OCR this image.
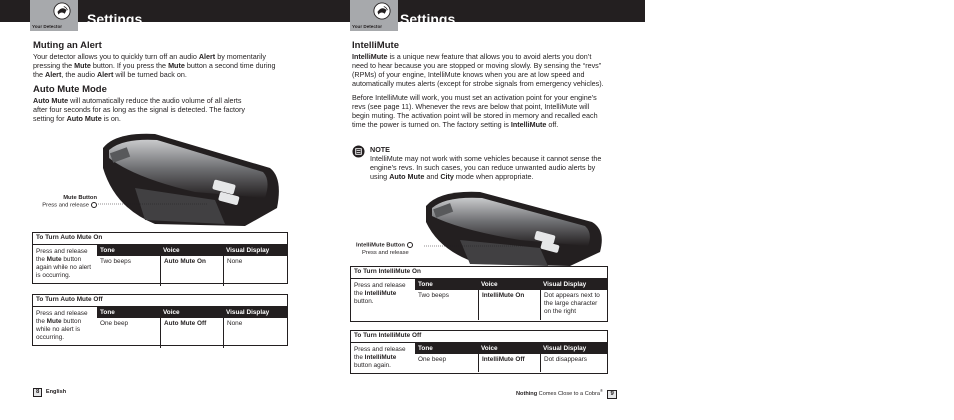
Your Detector Settings
Muting an Alert
Your detector allows you to quickly turn off an audio Alert by momentarily pressing the Mute button. If you press the Mute button a second time during the Alert, the audio Alert will be turned back on.
Auto Mute Mode
Auto Mute will automatically reduce the audio volume of all alerts after four seconds for as long as the signal is detected. The factory setting for Auto Mute is on.
Mute Button
Press and release
To Turn Auto Mute On
Press and release the Mute button again while no alert is occurring.
Tone	Voice	Visual Display
Two beeps	Auto Mute On	None
To Turn Auto Mute Off
Press and release the Mute button while no alert is occurring.
Tone	Voice	Visual Display
One beep	Auto Mute Off	None
8 English
Your Detector Settings
IntelliMute
IntelliMute is a unique new feature that allows you to avoid alerts you don’t need to hear because you are stopped or moving slowly. By sensing the “revs” (RPMs) of your engine, IntelliMute knows when you are at low speed and automatically mutes alerts (except for strobe signals from emergency vehicles).
Before IntelliMute will work, you must set an activation point for your engine’s revs (see page 11). Whenever the revs are below that point, IntelliMute will begin muting. The activation point will be stored in memory and recalled each time the power is turned on. The factory setting is IntelliMute off.
NOTE
IntelliMute may not work with some vehicles because it cannot sense the engine’s revs. In such cases, you can reduce unwanted audio alerts by using Auto Mute and City mode when appropriate.
IntelliMute Button
Press and release
To Turn IntelliMute On
Press and release the IntelliMute button.
Tone	Voice	Visual Display
Two beeps	IntelliMute On	Dot appears next to the large character on the right
To Turn IntelliMute Off
Press and release the IntelliMute button again.
Tone	Voice	Visual Display
One beep	IntelliMute Off	Dot disappears
Nothing Comes Close to a Cobra® 9
